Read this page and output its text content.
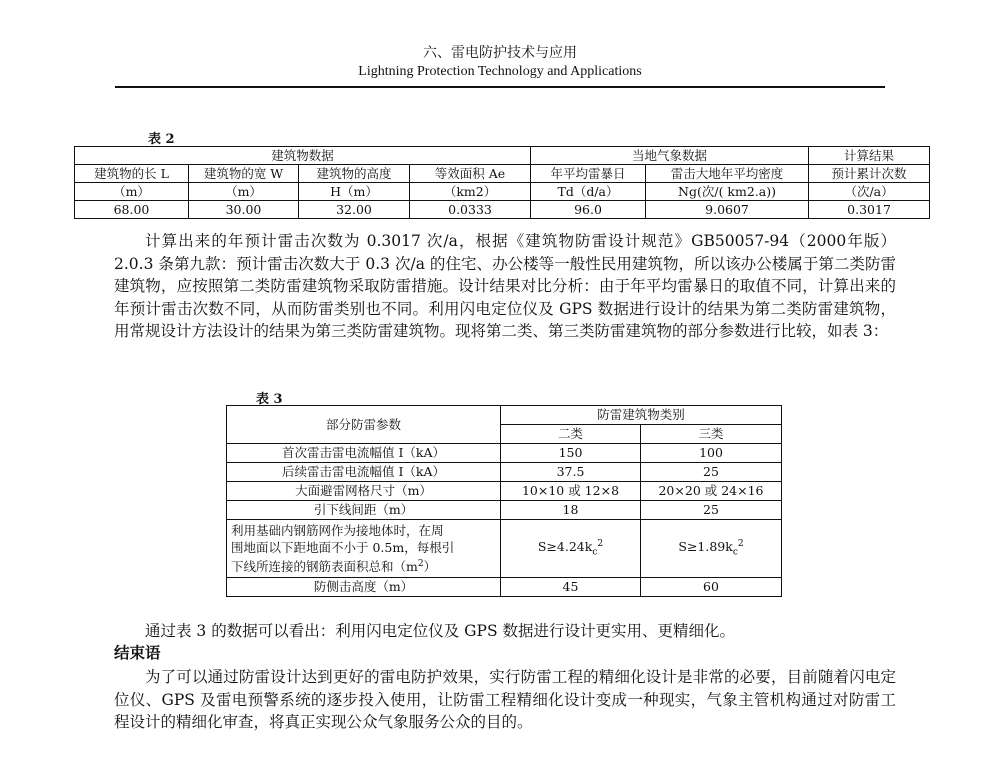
六、雷电防护技术与应用
Lightning Protection Technology and Applications
表 2
建筑物数据				当地气象数据		计算结果
建筑物的长 L	建筑物的宽 W	建筑物的高度	等效面积 Ae	年平均雷暴日	雷击大地年平均密度	预计累计次数
（m）	（m）	H（m）	（km2）	Td（d/a）	Ng(次/( km2.a))	（次/a）
68.00	30.00	32.00	0.0333	96.0	9.0607	0.3017

计算出来的年预计雷击次数为 0.3017 次/a，根据《建筑物防雷设计规范》GB50057-94（2000年版）2.0.3 条第九款：预计雷击次数大于 0.3 次/a 的住宅、办公楼等一般性民用建筑物，所以该办公楼属于第二类防雷建筑物，应按照第二类防雷建筑物采取防雷措施。设计结果对比分析：由于年平均雷暴日的取值不同，计算出来的年预计雷击次数不同，从而防雷类别也不同。利用闪电定位仪及 GPS 数据进行设计的结果为第二类防雷建筑物，用常规设计方法设计的结果为第三类防雷建筑物。现将第二类、第三类防雷建筑物的部分参数进行比较，如表 3：

表 3
部分防雷参数	防雷建筑物类别	
	二类	三类
首次雷击雷电流幅值 I（kA）	150	100
后续雷击雷电流幅值 I（kA）	37.5	25
大面避雷网格尺寸（m）	10×10 或 12×8	20×20 或 24×16
引下线间距（m）	18	25
利用基础内钢筋网作为接地体时，在周
围地面以下距地面不小于 0.5m，每根引
下线所连接的钢筋表面积总和$(m^2)$	$S\ge 4.24k_c^2$	$S\ge 1.89k_c^2$
防侧击高度（m）	45	60

通过表 3 的数据可以看出：利用闪电定位仪及 GPS 数据进行设计更实用、更精细化。

结束语

为了可以通过防雷设计达到更好的雷电防护效果，实行防雷工程的精细化设计是非常的必要，目前随着闪电定位仪、GPS 及雷电预警系统的逐步投入使用，让防雷工程精细化设计变成一种现实，气象主管机构通过对防雷工程设计的精细化审查，将真正实现公众气象服务公众的目的。
